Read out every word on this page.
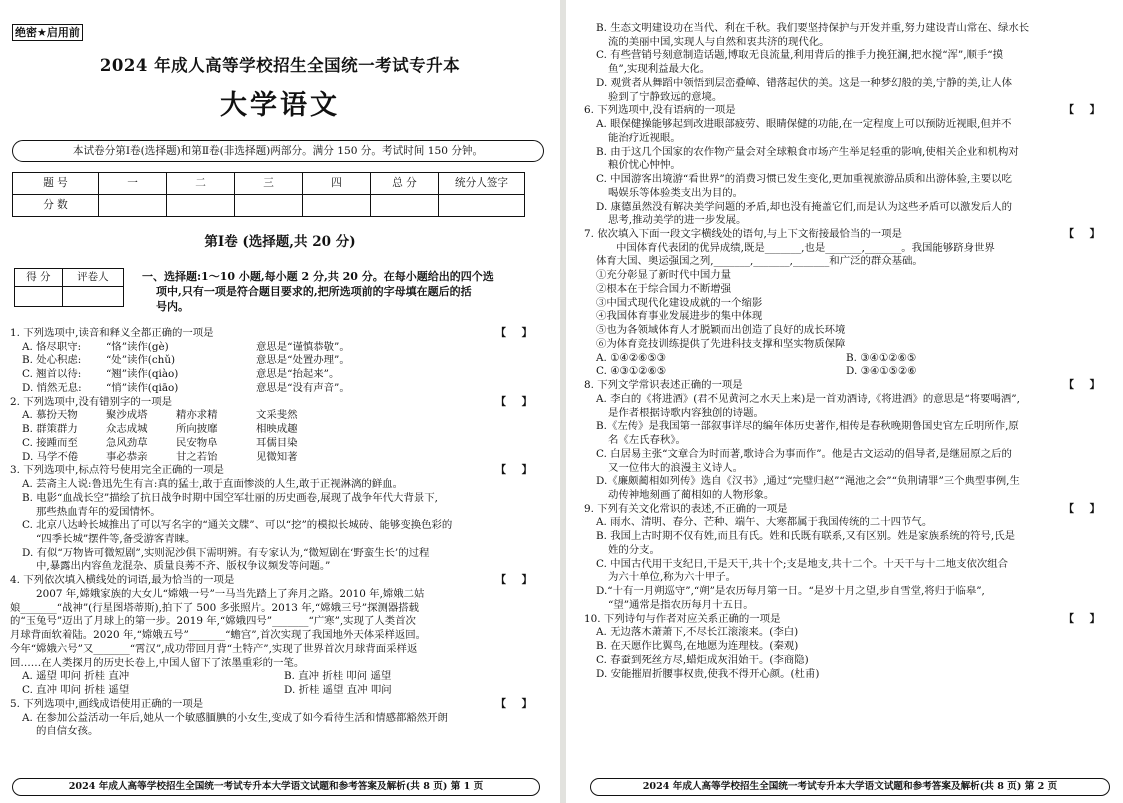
绝密★启用前
2024 年成人高等学校招生全国统一考试专升本
大学语文
本试卷分第Ⅰ卷(选择题)和第Ⅱ卷(非选择题)两部分。满分 150 分。考试时间 150 分钟。
题 号	一	二	三	四	总 分	统分人签字
分 数						
第Ⅰ卷 (选择题,共 20 分)
得 分	评卷人
		一、选择题:1～10 小题,每小题 2 分,共 20 分。在每小题给出的四个选
项中,只有一项是符合题目要求的,把所选项前的字母填在题后的括
号内。
1. 下列选项中,读音和释义全都正确的一项是	【 】
A. 恪尽职守:	“恪”读作(gè)	意思是“谨慎恭敬”。
B. 处心积虑:	“处”读作(chǔ)	意思是“处置办理”。
C. 翘首以待:	“翘”读作(qiào)	意思是“抬起来”。
D. 悄然无息:	“悄”读作(qiāo)	意思是“没有声音”。
2. 下列选项中,没有错别字的一项是	【 】
A. 慕扮天物	聚沙成塔	精亦求精	文采斐然
B. 群策群力	众志成城	所向披靡	相映成趣
C. 接踵而至	急风劲草	民安物阜	耳儒目染
D. 马学不倦	事必恭亲	甘之若饴	见微知著
3. 下列选项中,标点符号使用完全正确的一项是	【 】
A. 芸斋主人说:鲁迅先生有言:真的猛士,敢于直面惨淡的人生,敢于正视淋漓的鲜血。
B. 电影“血战长空”描绘了抗日战争时期中国空军壮丽的历史画卷,展现了战争年代大背景下,
那些热血青年的爱国情怀。
C. 北京八达岭长城推出了可以写名字的“通关文牒”、可以“挖”的模拟长城砖、能够变换色彩的
“四季长城”摆件等,备受游客青睐。
D. 有似“万物皆可微短剧”,实则泥沙俱下需明辨。有专家认为,“微短剧在‘野蛮生长’的过程
中,暴露出内容鱼龙混杂、质量良莠不齐、版权争议频发等问题。”
4. 下列依次填入横线处的词语,最为恰当的一项是	【 】
2007 年,嫦娥家族的大女儿“嫦娥一号”一马当先踏上了奔月之路。2010 年,嫦娥二姑
娘_______“战神”(行星图塔蒂斯),拍下了 500 多张照片。2013 年,“嫦娥三号”探测器搭载
的“玉兔号”迈出了月球上的第一步。2019 年,“嫦娥四号”_______“广寒”,实现了人类首次
月球背面软着陆。2020 年,“嫦娥五号”_______“蟾宫”,首次实现了我国地外天体采样返回。
今年“嫦娥六号”又_______“霄汉”,成功带回月背“土特产”,实现了世界首次月球背面采样返
回……在人类探月的历史长卷上,中国人留下了浓墨重彩的一笔。
A. 遥望 叩问 折桂 直冲	B. 直冲 折桂 叩问 遥望
C. 直冲 叩问 折桂 遥望	D. 折桂 遥望 直冲 叩问
5. 下列选项中,画线成语使用正确的一项是	【 】
A. 在参加公益活动一年后,她从一个敏感腼腆的小女生,变成了如今看待生活和情感都豁然开朗
的自信女孩。
2024 年成人高等学校招生全国统一考试专升本大学语文试题和参考答案及解析(共 8 页) 第 1 页
B. 生态文明建设功在当代、利在千秋。我们要坚持保护与开发并重,努力建设青山常在、绿水长
流的美丽中国,实现人与自然和衷共济的现代化。
C. 有些营销号刻意制造话题,博取无良流量,利用背后的推手力挽狂澜,把水搅“浑”,顺手“摸
鱼”,实现利益最大化。
D. 观赏者从舞蹈中领悟到层峦叠嶂、错落起伏的美。这是一种梦幻般的美,宁静的美,让人体
验到了宁静致远的意境。
6. 下列选项中,没有语病的一项是	【 】
A. 眼保健操能够起到改进眼部疲劳、眼睛保健的功能,在一定程度上可以预防近视眼,但并不
能治疗近视眼。
B. 由于这几个国家的农作物产量会对全球粮食市场产生举足轻重的影响,使相关企业和机构对
粮价忧心忡忡。
C. 中国游客出境游“看世界”的消费习惯已发生变化,更加重视旅游品质和出游体验,主要以吃
喝娱乐等体验类支出为目的。
D. 康德虽然没有解决美学问题的矛盾,却也没有掩盖它们,而是认为这些矛盾可以激发后人的
思考,推动美学的进一步发展。
7. 依次填入下面一段文字横线处的语句,与上下文衔接最恰当的一项是	【 】
中国体育代表团的优异成绩,既是_______,也是_______,_______。我国能够跻身世界
体育大国、奥运强国之列,_______,_______,_______和广泛的群众基础。
①充分彰显了新时代中国力量
②根本在于综合国力不断增强
③中国式现代化建设成就的一个缩影
④我国体育事业发展进步的集中体现
⑤也为各领域体育人才脱颖而出创造了良好的成长环境
⑥为体育竞技训练提供了先进科技支撑和坚实物质保障
A. ①④②⑥⑤③	B. ③④①②⑥⑤
C. ④③①②⑥⑤	D. ③④①⑤②⑥
8. 下列文学常识表述正确的一项是	【 】
A. 李白的《将进酒》(君不见黄河之水天上来)是一首劝酒诗,《将进酒》的意思是“将要喝酒”,
是作者根据诗歌内容独创的诗题。
B.《左传》是我国第一部叙事详尽的编年体历史著作,相传是春秋晚期鲁国史官左丘明所作,原
名《左氏春秋》。
C. 白居易主张“文章合为时而著,歌诗合为事而作”。他是古文运动的倡导者,是继屈原之后的
又一位伟大的浪漫主义诗人。
D.《廉颇蔺相如列传》选自《汉书》,通过“完璧归赵”“渑池之会”“负荆请罪”三个典型事例,生
动传神地刻画了蔺相如的人物形象。
9. 下列有关文化常识的表述,不正确的一项是	【 】
A. 雨水、清明、春分、芒种、端午、大寒都属于我国传统的二十四节气。
B. 我国上古时期不仅有姓,而且有氏。姓和氏既有联系,又有区别。姓是家族系统的符号,氏是
姓的分支。
C. 中国古代用干支纪日,干是天干,共十个;支是地支,共十二个。十天干与十二地支依次组合
为六十单位,称为六十甲子。
D.“十有一月朔巡守”,“朔”是农历每月第一日。“是岁十月之望,步自雪堂,将归于临皋”,
“望”通常是指农历每月十五日。
10. 下列诗句与作者对应关系正确的一项是	【 】
A. 无边落木萧萧下,不尽长江滚滚来。(李白)
B. 在天愿作比翼鸟,在地愿为连理枝。(秦观)
C. 春蚕到死丝方尽,蜡炬成灰泪始干。(李商隐)
D. 安能摧眉折腰事权贵,使我不得开心颜。(杜甫)
2024 年成人高等学校招生全国统一考试专升本大学语文试题和参考答案及解析(共 8 页) 第 2 页
